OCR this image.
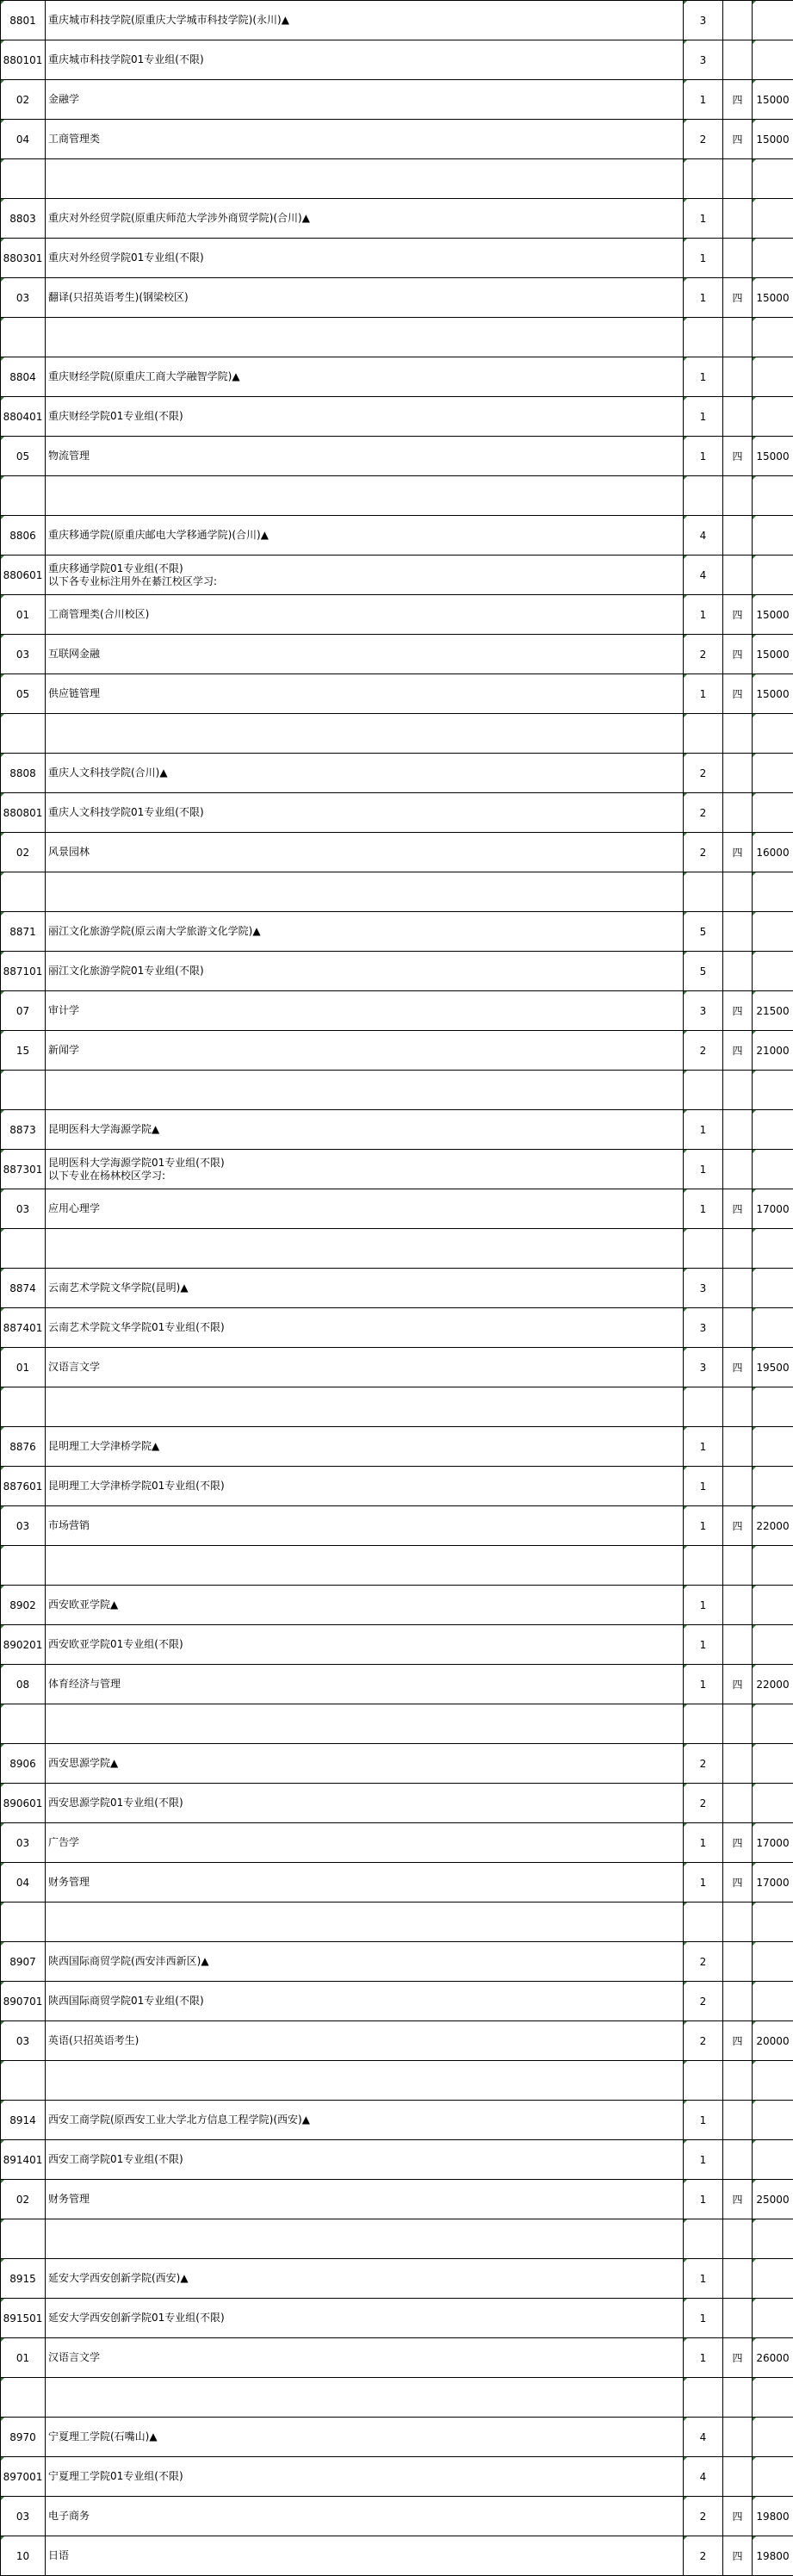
8801	重庆城市科技学院(原重庆大学城市科技学院)(永川)▲	3		
880101	重庆城市科技学院01专业组(不限)	3		
02	金融学	1	四	15000
04	工商管理类	2	四	15000

8803	重庆对外经贸学院(原重庆师范大学涉外商贸学院)(合川)▲	1		
880301	重庆对外经贸学院01专业组(不限)	1		
03	翻译(只招英语考生)(钢梁校区)	1	四	15000

8804	重庆财经学院(原重庆工商大学融智学院)▲	1		
880401	重庆财经学院01专业组(不限)	1		
05	物流管理	1	四	15000

8806	重庆移通学院(原重庆邮电大学移通学院)(合川)▲	4		
880601	重庆移通学院01专业组(不限)
以下各专业标注用外在綦江校区学习:	4		
01	工商管理类(合川校区)	1	四	15000
03	互联网金融	2	四	15000
05	供应链管理	1	四	15000

8808	重庆人文科技学院(合川)▲	2		
880801	重庆人文科技学院01专业组(不限)	2		
02	风景园林	2	四	16000

8871	丽江文化旅游学院(原云南大学旅游文化学院)▲	5		
887101	丽江文化旅游学院01专业组(不限)	5		
07	审计学	3	四	21500
15	新闻学	2	四	21000

8873	昆明医科大学海源学院▲	1		
887301	昆明医科大学海源学院01专业组(不限)
以下专业在杨林校区学习:	1		
03	应用心理学	1	四	17000

8874	云南艺术学院文华学院(昆明)▲	3		
887401	云南艺术学院文华学院01专业组(不限)	3		
01	汉语言文学	3	四	19500

8876	昆明理工大学津桥学院▲	1		
887601	昆明理工大学津桥学院01专业组(不限)	1		
03	市场营销	1	四	22000

8902	西安欧亚学院▲	1		
890201	西安欧亚学院01专业组(不限)	1		
08	体育经济与管理	1	四	22000

8906	西安思源学院▲	2		
890601	西安思源学院01专业组(不限)	2		
03	广告学	1	四	17000
04	财务管理	1	四	17000

8907	陕西国际商贸学院(西安沣西新区)▲	2		
890701	陕西国际商贸学院01专业组(不限)	2		
03	英语(只招英语考生)	2	四	20000

8914	西安工商学院(原西安工业大学北方信息工程学院)(西安)▲	1		
891401	西安工商学院01专业组(不限)	1		
02	财务管理	1	四	25000

8915	延安大学西安创新学院(西安)▲	1		
891501	延安大学西安创新学院01专业组(不限)	1		
01	汉语言文学	1	四	26000

8970	宁夏理工学院(石嘴山)▲	4		
897001	宁夏理工学院01专业组(不限)	4		
03	电子商务	2	四	19800
10	日语	2	四	19800
